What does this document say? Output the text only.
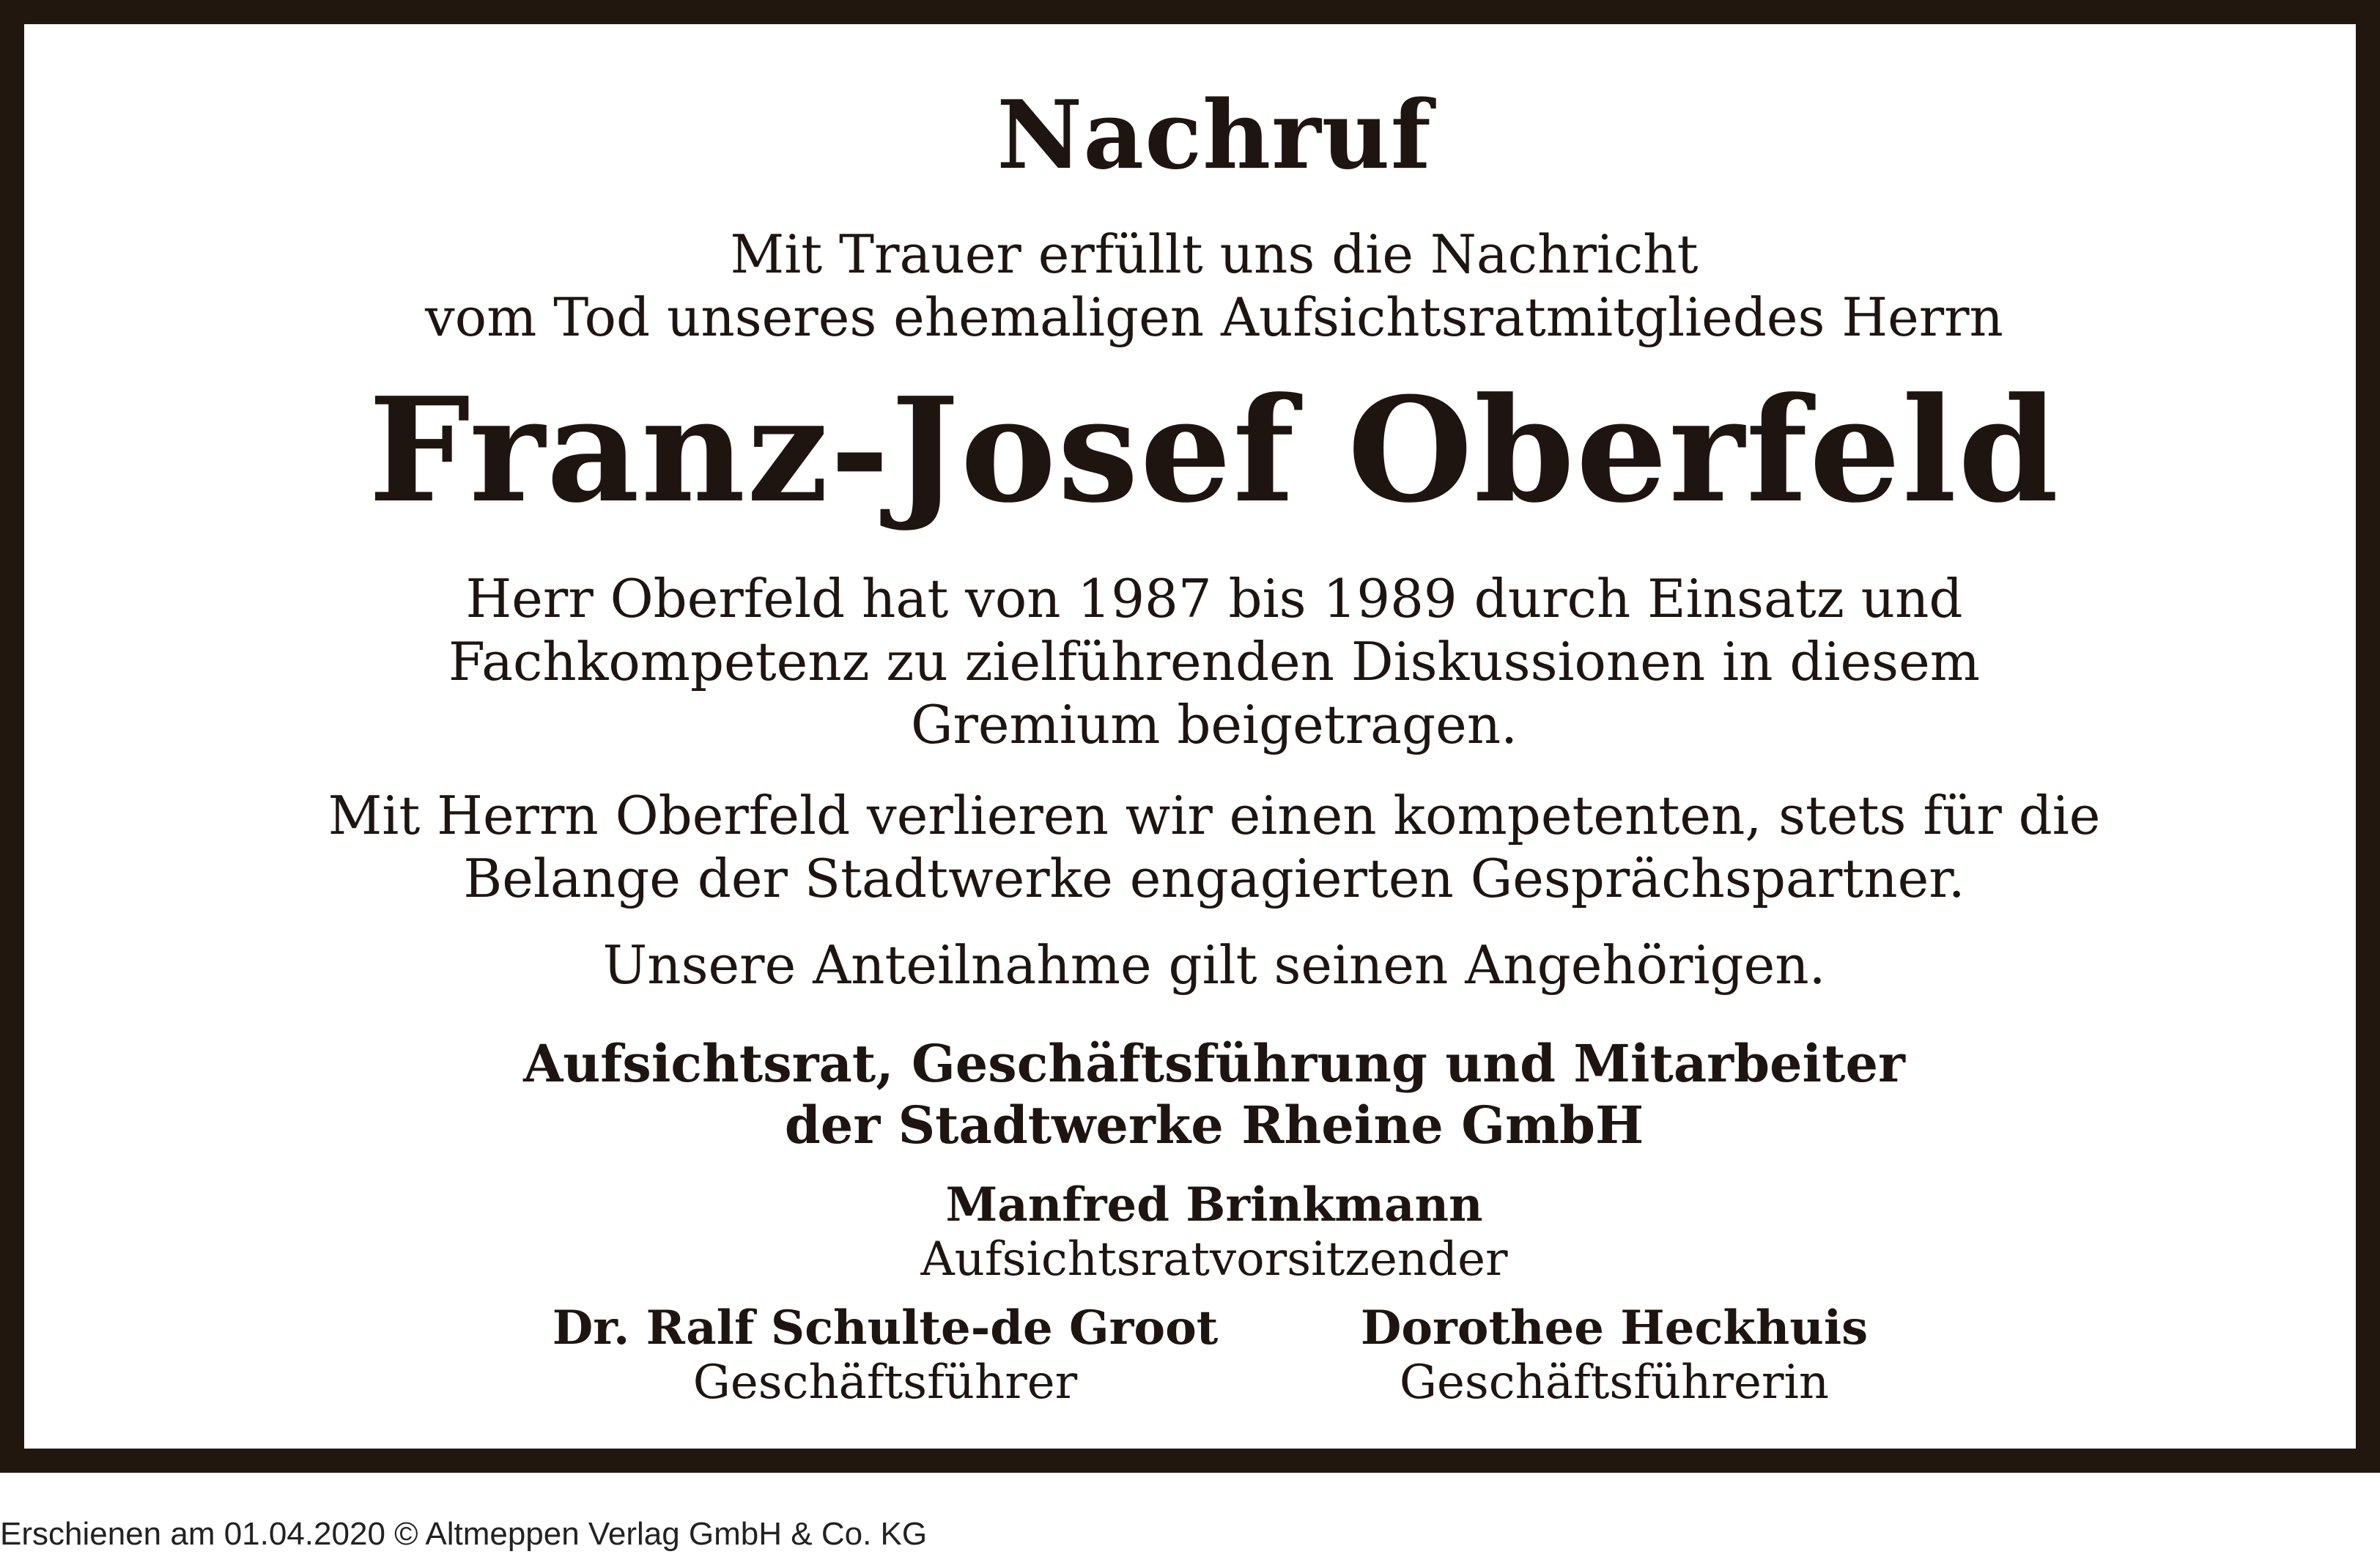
Nachruf

Mit Trauer erfüllt uns die Nachricht

vom Tod unseres ehemaligen Aufsichtsratmitgliedes Herrn

Franz-Josef Oberfeld

Herr Oberfeld hat von 1987 bis 1989 durch Einsatz und

Fachkompetenz zu zielführenden Diskussionen in diesem

Gremium beigetragen.

Mit Herrn Oberfeld verlieren wir einen kompetenten, stets für die

Belange der Stadtwerke engagierten Gesprächspartner.

Unsere Anteilnahme gilt seinen Angehörigen.

Aufsichtsrat, Geschäftsführung und Mitarbeiter

der Stadtwerke Rheine GmbH

Manfred Brinkmann

Aufsichtsratvorsitzender

Dr. Ralf Schulte-de Groot

Geschäftsführer

Dorothee Heckhuis

Geschäftsführerin

Erschienen am 01.04.2020 © Altmeppen Verlag GmbH & Co. KG
